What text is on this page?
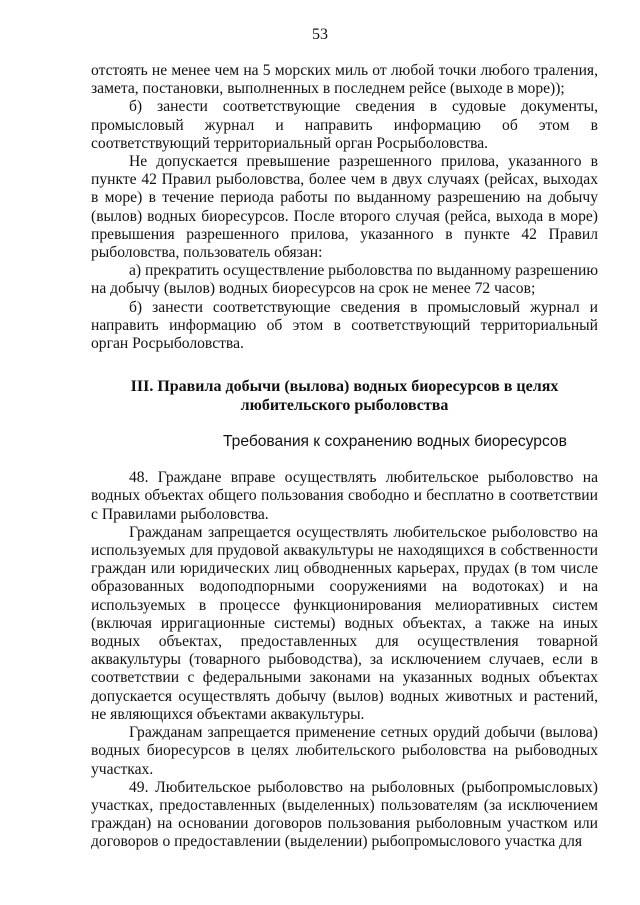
53

отстоять не менее чем на 5 морских миль от любой точки любого траления, замета, постановки, выполненных в последнем рейсе (выходе в море));

б) занести соответствующие сведения в судовые документы, промысловый журнал и направить информацию об этом в соответствующий территориальный орган Росрыболовства.

Не допускается превышение разрешенного прилова, указанного в пункте 42 Правил рыболовства, более чем в двух случаях (рейсах, выходах в море) в течение периода работы по выданному разрешению на добычу (вылов) водных биоресурсов. После второго случая (рейса, выхода в море) превышения разрешенного прилова, указанного в пункте 42 Правил рыболовства, пользователь обязан:

а) прекратить осуществление рыболовства по выданному разрешению на добычу (вылов) водных биоресурсов на срок не менее 72 часов;

б) занести соответствующие сведения в промысловый журнал и направить информацию об этом в соответствующий территориальный орган Росрыболовства.

III. Правила добычи (вылова) водных биоресурсов в целях любительского рыболовства

Требования к сохранению водных биоресурсов

48. Граждане вправе осуществлять любительское рыболовство на водных объектах общего пользования свободно и бесплатно в соответствии с Правилами рыболовства.

Гражданам запрещается осуществлять любительское рыболовство на используемых для прудовой аквакультуры не находящихся в собственности граждан или юридических лиц обводненных карьерах, прудах (в том числе образованных водоподпорными сооружениями на водотоках) и на используемых в процессе функционирования мелиоративных систем (включая ирригационные системы) водных объектах, а также на иных водных объектах, предоставленных для осуществления товарной аквакультуры (товарного рыбоводства), за исключением случаев, если в соответствии с федеральными законами на указанных водных объектах допускается осуществлять добычу (вылов) водных животных и растений, не являющихся объектами аквакультуры.

Гражданам запрещается применение сетных орудий добычи (вылова) водных биоресурсов в целях любительского рыболовства на рыбоводных участках.

49. Любительское рыболовство на рыболовных (рыбопромысловых) участках, предоставленных (выделенных) пользователям (за исключением граждан) на основании договоров пользования рыболовным участком или договоров о предоставлении (выделении) рыбопромыслового участка для
